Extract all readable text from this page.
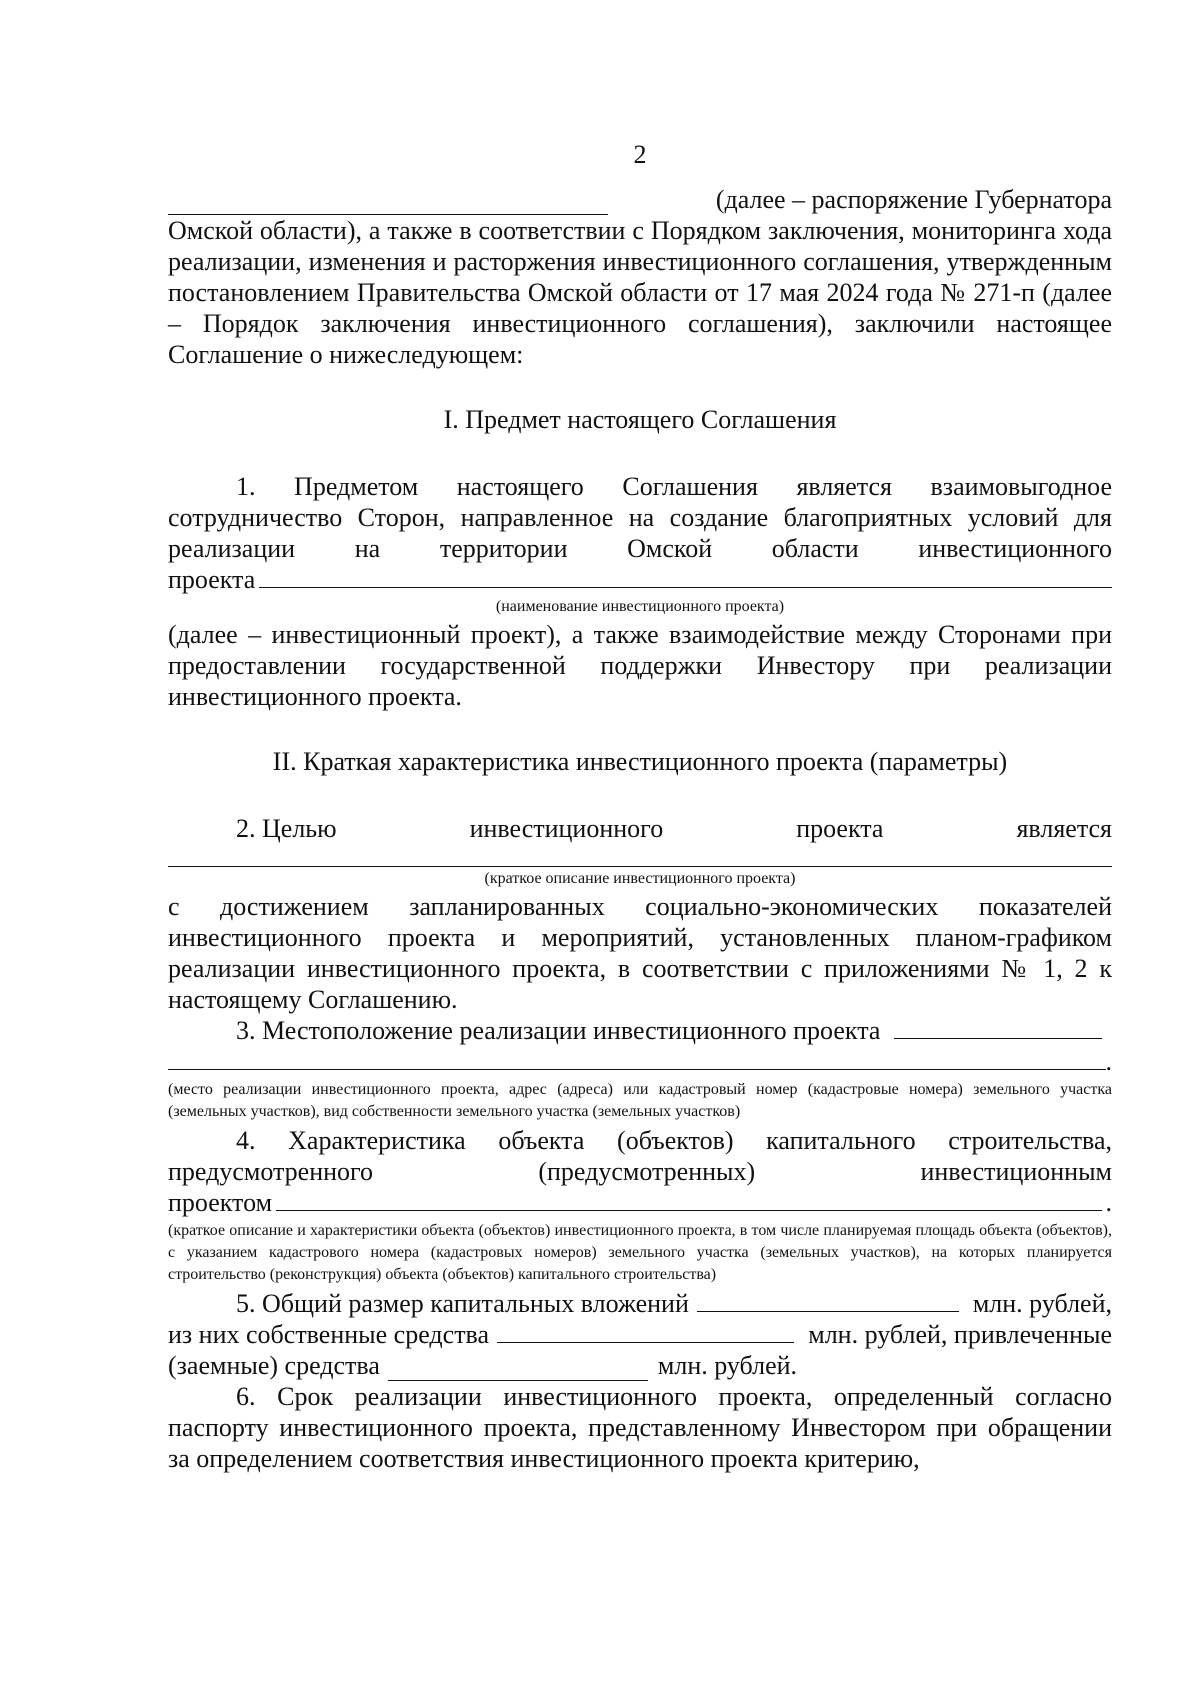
2
(далее – распоряжение Губернатора

Омской области), а также в соответствии с Порядком заключения, мониторинга хода реализации, изменения и расторжения инвестиционного соглашения, утвержденным постановлением Правительства Омской области от 17 мая 2024 года № 271-п (далее – Порядок заключения инвестиционного соглашения), заключили настоящее Соглашение о нижеследующем:

I. Предмет настоящего Соглашения
1. Предметом настоящего Соглашения является взаимовыгодное

сотрудничество Сторон, направленное на создание благоприятных условий для

реализации на территории Омской области инвестиционного

проекта
(наименование инвестиционного проекта)

(далее – инвестиционный проект), а также взаимодействие между Сторонами при предоставлении государственной поддержки Инвестору при реализации инвестиционного проекта.

II. Краткая характеристика инвестиционного проекта (параметры)
2. Целью	инвестиционного	проекта	является
(краткое описание инвестиционного проекта)

с достижением запланированных социально-экономических показателей инвестиционного проекта и мероприятий, установленных планом-графиком реализации инвестиционного проекта, в соответствии с приложениями № 1, 2 к настоящему Соглашению.

3. Местоположение реализации инвестиционного проекта
.
(место реализации инвестиционного проекта, адрес (адреса) или кадастровый номер (кадастровые номера) земельного участка (земельных участков), вид собственности земельного участка (земельных участков)

4. Характеристика объекта (объектов) капитального строительства,

предусмотренного	(предусмотренных)	инвестиционным
проектом	.
(краткое описание и характеристики объекта (объектов) инвестиционного проекта, в том числе планируемая площадь объекта (объектов), с указанием кадастрового номера (кадастровых номеров) земельного участка (земельных участков), на которых планируется строительство (реконструкция) объекта (объектов) капитального строительства)
5. Общий размер капитальных вложений	млн. рублей,
из них собственные средства	млн. рублей, привлеченные
(заемные) средства	млн. рублей.

6. Срок реализации инвестиционного проекта, определенный согласно паспорту инвестиционного проекта, представленному Инвестором при обращении за определением соответствия инвестиционного проекта критерию,
